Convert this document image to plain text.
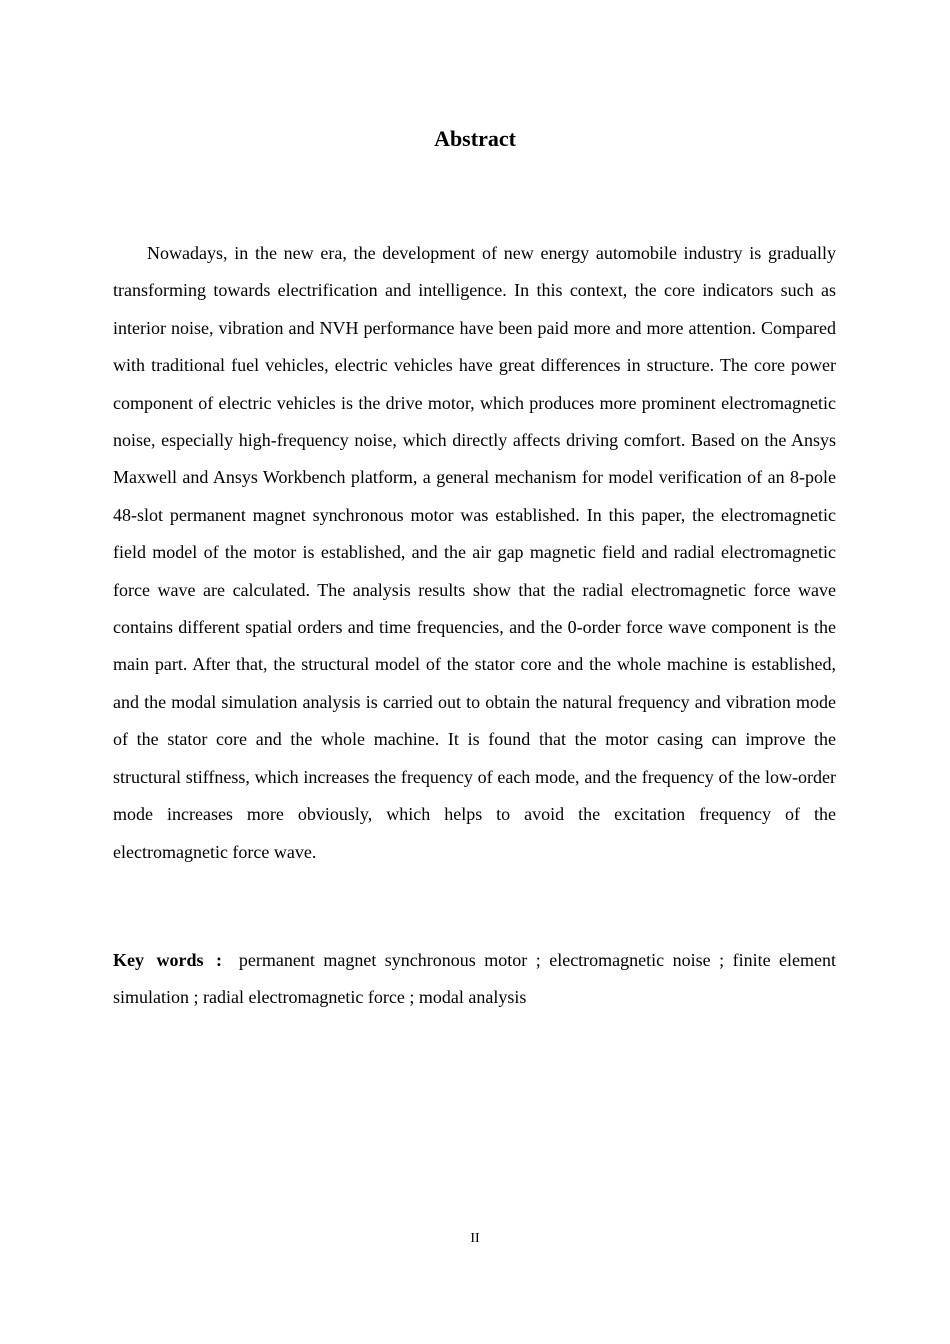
Abstract

Nowadays, in the new era, the development of new energy automobile industry is gradually transforming towards electrification and intelligence. In this context, the core indicators such as interior noise, vibration and NVH performance have been paid more and more attention. Compared with traditional fuel vehicles, electric vehicles have great differences in structure. The core power component of electric vehicles is the drive motor, which produces more prominent electromagnetic noise, especially high-frequency noise, which directly affects driving comfort. Based on the Ansys Maxwell and Ansys Workbench platform, a general mechanism for model verification of an 8-pole 48-slot permanent magnet synchronous motor was established. In this paper, the electromagnetic field model of the motor is established, and the air gap magnetic field and radial electromagnetic force wave are calculated. The analysis results show that the radial electromagnetic force wave contains different spatial orders and time frequencies, and the 0-order force wave component is the main part. After that, the structural model of the stator core and the whole machine is established, and the modal simulation analysis is carried out to obtain the natural frequency and vibration mode of the stator core and the whole machine. It is found that the motor casing can improve the structural stiffness, which increases the frequency of each mode, and the frequency of the low-order mode increases more obviously, which helps to avoid the excitation frequency of the electromagnetic force wave.

Key words : permanent magnet synchronous motor ; electromagnetic noise ; finite element simulation ; radial electromagnetic force ; modal analysis

II
